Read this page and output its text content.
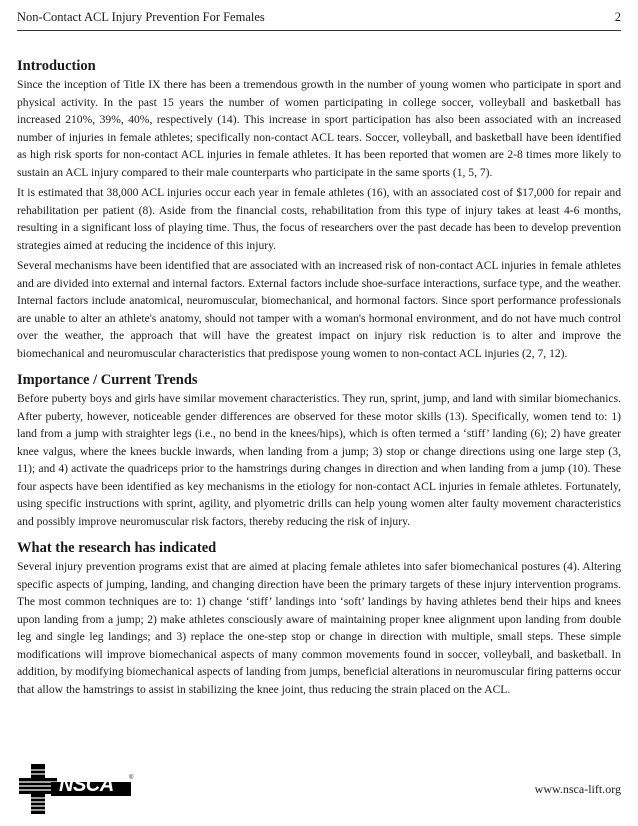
Non-Contact ACL Injury Prevention For Females	2
Introduction

Since the inception of Title IX there has been a tremendous growth in the number of young women who participate in sport and physical activity. In the past 15 years the number of women participating in college soccer, volleyball and basketball has increased 210%, 39%, 40%, respectively (14). This increase in sport participation has also been associated with an increased number of injuries in female athletes; specifically non-contact ACL tears. Soccer, volleyball, and basketball have been identified as high risk sports for non-contact ACL injuries in female athletes. It has been reported that women are 2-8 times more likely to sustain an ACL injury compared to their male counterparts who participate in the same sports (1, 5, 7).

It is estimated that 38,000 ACL injuries occur each year in female athletes (16), with an associated cost of $17,000 for repair and rehabilitation per patient (8). Aside from the financial costs, rehabilitation from this type of injury takes at least 4-6 months, resulting in a significant loss of playing time. Thus, the focus of researchers over the past decade has been to develop prevention strategies aimed at reducing the incidence of this injury.

Several mechanisms have been identified that are associated with an increased risk of non-contact ACL injuries in female athletes and are divided into external and internal factors. External factors include shoe-surface interactions, surface type, and the weather. Internal factors include anatomical, neuromuscular, biomechanical, and hormonal factors. Since sport performance professionals are unable to alter an athlete's anatomy, should not tamper with a woman's hormonal environment, and do not have much control over the weather, the approach that will have the greatest impact on injury risk reduction is to alter and improve the biomechanical and neuromuscular characteristics that predispose young women to non-contact ACL injuries (2, 7, 12).

Importance / Current Trends

Before puberty boys and girls have similar movement characteristics. They run, sprint, jump, and land with similar biomechanics. After puberty, however, noticeable gender differences are observed for these motor skills (13). Specifically, women tend to: 1) land from a jump with straighter legs (i.e., no bend in the knees/hips), which is often termed a ‘stiff’ landing (6); 2) have greater knee valgus, where the knees buckle inwards, when landing from a jump; 3) stop or change directions using one large step (3, 11); and 4) activate the quadriceps prior to the hamstrings during changes in direction and when landing from a jump (10). These four aspects have been identified as key mechanisms in the etiology for non-contact ACL injuries in female athletes. Fortunately, using specific instructions with sprint, agility, and plyometric drills can help young women alter faulty movement characteristics and possibly improve neuromuscular risk factors, thereby reducing the risk of injury.

What the research has indicated

Several injury prevention programs exist that are aimed at placing female athletes into safer biomechanical postures (4). Altering specific aspects of jumping, landing, and changing direction have been the primary targets of these injury intervention programs. The most common techniques are to: 1) change ‘stiff’ landings into ‘soft’ landings by having athletes bend their hips and knees upon landing from a jump; 2) make athletes consciously aware of maintaining proper knee alignment upon landing from double leg and single leg landings; and 3) replace the one-step stop or change in direction with multiple, small steps. These simple modifications will improve biomechanical aspects of many common movements found in soccer, volleyball, and basketball. In addition, by modifying biomechanical aspects of landing from jumps, beneficial alterations in neuromuscular firing patterns occur that allow the hamstrings to assist in stabilizing the knee joint, thus reducing the strain placed on the ACL.

NSCA	®
www.nsca-lift.org
